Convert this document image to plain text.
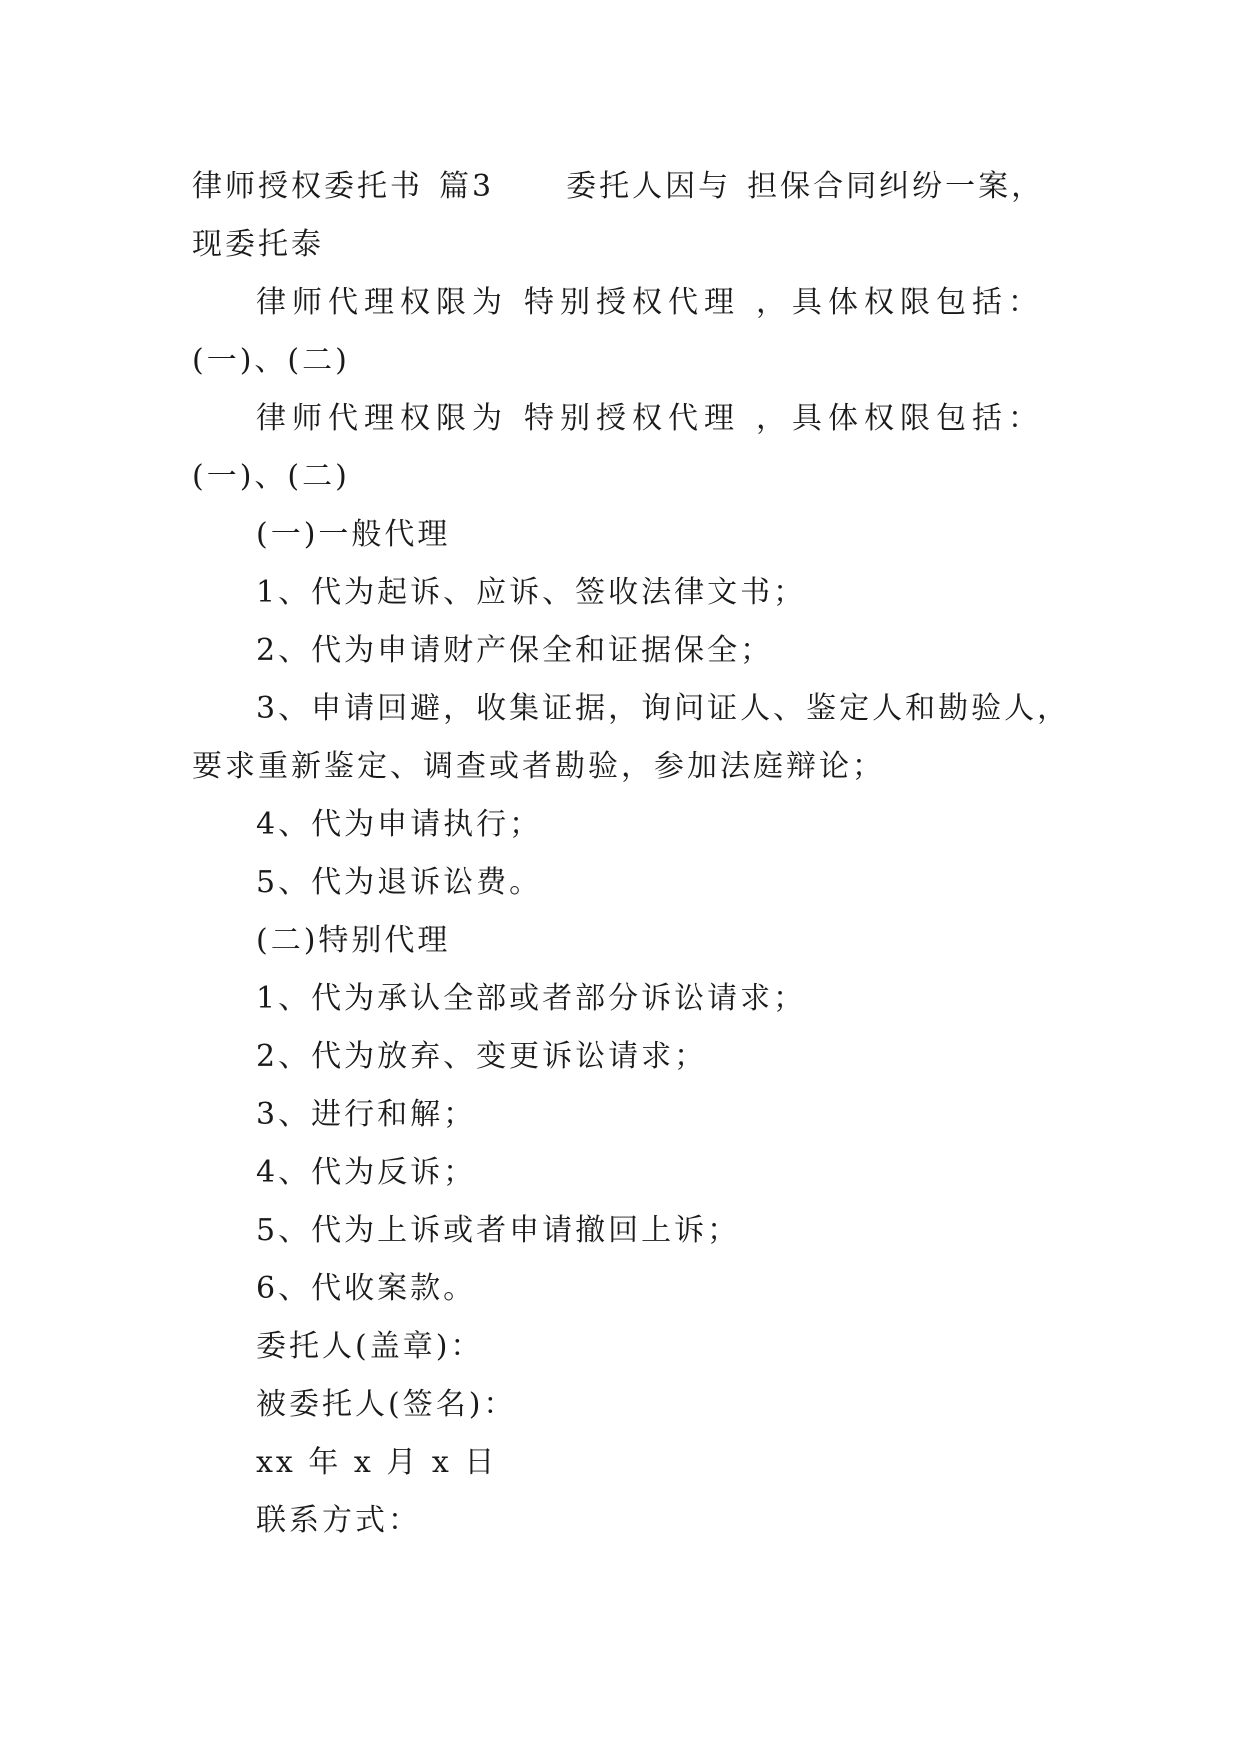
律师授权委托书 篇3 委托人因与 担保合同纠纷一案，
现委托泰
律师代理权限为 特别授权代理 ，具体权限包括：
(一)、(二)
律师代理权限为 特别授权代理 ，具体权限包括：
(一)、(二)
(一)一般代理
1、代为起诉、应诉、签收法律文书；
2、代为申请财产保全和证据保全；
3、申请回避，收集证据，询问证人、鉴定人和勘验人，
要求重新鉴定、调查或者勘验，参加法庭辩论；
4、代为申请执行；
5、代为退诉讼费。
(二)特别代理
1、代为承认全部或者部分诉讼请求；
2、代为放弃、变更诉讼请求；
3、进行和解；
4、代为反诉；
5、代为上诉或者申请撤回上诉；
6、代收案款。
委托人(盖章)：
被委托人(签名)：
xx 年 x 月 x 日
联系方式：
